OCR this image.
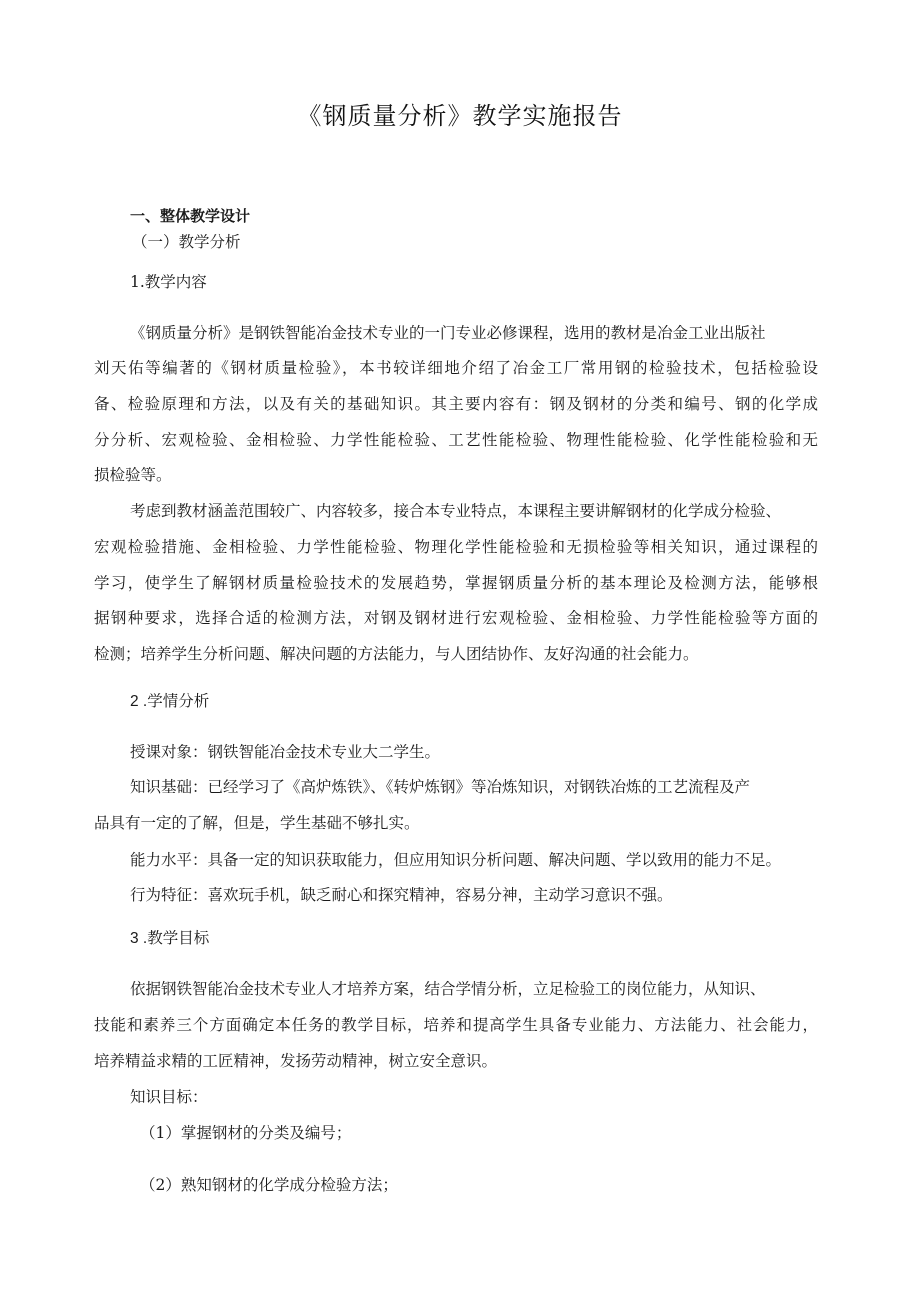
《钢质量分析》教学实施报告
一、整体教学设计
（一）教学分析
1.教学内容
《钢质量分析》是钢铁智能冶金技术专业的一门专业必修课程，选用的教材是冶金工业出版社
刘天佑等编著的《钢材质量检验》，本书较详细地介绍了冶金工厂常用钢的检验技术，包括检验设
备、检验原理和方法，以及有关的基础知识。其主要内容有：钢及钢材的分类和编号、钢的化学成
分分析、宏观检验、金相检验、力学性能检验、工艺性能检验、物理性能检验、化学性能检验和无
损检验等。
考虑到教材涵盖范围较广、内容较多，接合本专业特点，本课程主要讲解钢材的化学成分检验、
宏观检验措施、金相检验、力学性能检验、物理化学性能检验和无损检验等相关知识，通过课程的
学习，使学生了解钢材质量检验技术的发展趋势，掌握钢质量分析的基本理论及检测方法，能够根
据钢种要求，选择合适的检测方法，对钢及钢材进行宏观检验、金相检验、力学性能检验等方面的
检测；培养学生分析问题、解决问题的方法能力，与人团结协作、友好沟通的社会能力。
2 .学情分析
授课对象：钢铁智能冶金技术专业大二学生。
知识基础：已经学习了《高炉炼铁》、《转炉炼钢》等冶炼知识，对钢铁冶炼的工艺流程及产
品具有一定的了解，但是，学生基础不够扎实。
能力水平：具备一定的知识获取能力，但应用知识分析问题、解决问题、学以致用的能力不足。
行为特征：喜欢玩手机，缺乏耐心和探究精神，容易分神，主动学习意识不强。
3 .教学目标
依据钢铁智能冶金技术专业人才培养方案，结合学情分析，立足检验工的岗位能力，从知识、
技能和素养三个方面确定本任务的教学目标，培养和提高学生具备专业能力、方法能力、社会能力，
培养精益求精的工匠精神，发扬劳动精神，树立安全意识。
知识目标：
（1）掌握钢材的分类及编号；
（2）熟知钢材的化学成分检验方法；
